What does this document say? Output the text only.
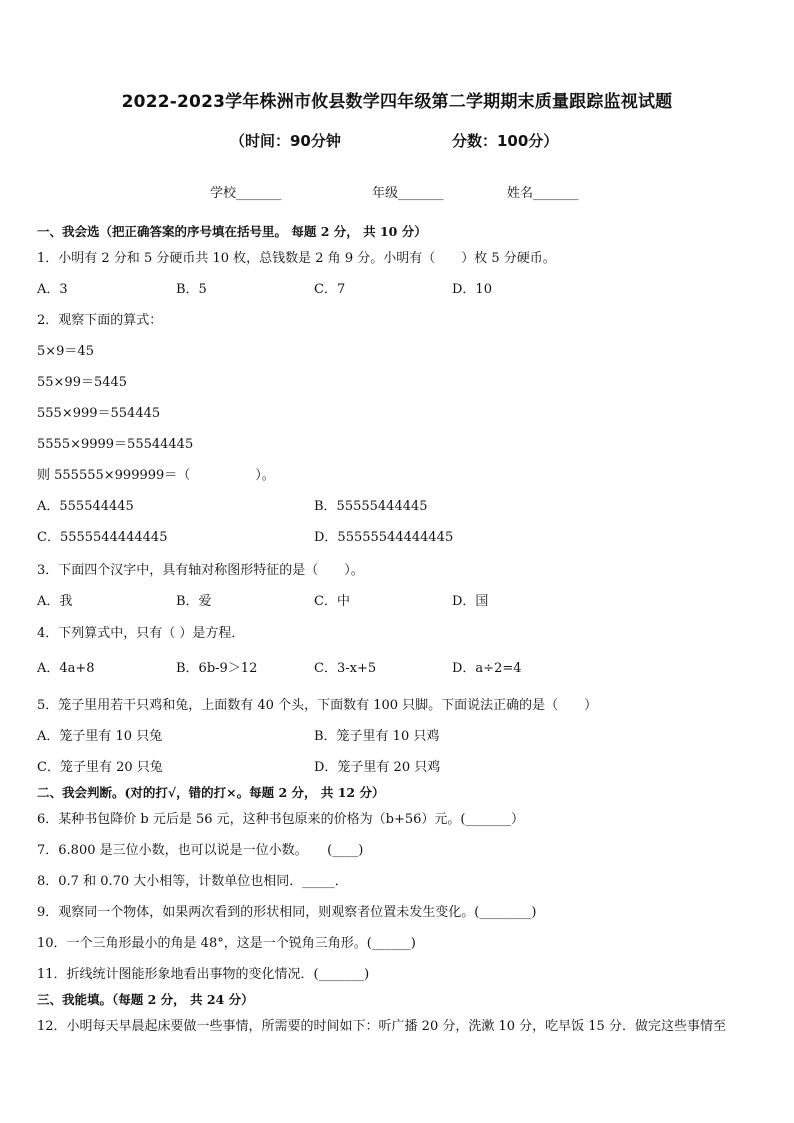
2022-2023学年株洲市攸县数学四年级第二学期期末质量跟踪监视试题
（时间：90分钟	分数：100分）
学校_______	年级_______	姓名_______
一、我会选（把正确答案的序号填在括号里。 每题 2 分， 共 10 分）
1．小明有 2 分和 5 分硬币共 10 枚，总钱数是 2 角 9 分。小明有（　　）枚 5 分硬币。
A．3	B．5	C．7	D．10
2．观察下面的算式：
5×9＝45
55×99＝5445
555×999＝554445
5555×9999＝55544445
则 555555×999999＝（　　　　　）。
A．555544445	B．55555444445
C．5555544444445	D．55555544444445
3．下面四个汉字中，具有轴对称图形特征的是（　　）。
A．我	B．爱	C．中	D．国
4．下列算式中，只有（ ）是方程．
A．4a+8	B．6b-9＞12	C．3-x+5	D．a÷2=4
5．笼子里用若干只鸡和兔，上面数有 40 个头，下面数有 100 只脚。下面说法正确的是（　　）
A．笼子里有 10 只兔	B．笼子里有 10 只鸡
C．笼子里有 20 只兔	D．笼子里有 20 只鸡
二、我会判断。(对的打√，错的打×。每题 2 分， 共 12 分）
6．某种书包降价 b 元后是 56 元，这种书包原来的价格为（b+56）元。(_______）
7．6.800 是三位小数，也可以说是一位小数。　　(____)
8．0.7 和 0.70 大小相等，计数单位也相同．_____．
9．观察同一个物体，如果两次看到的形状相同，则观察者位置未发生变化。(________)
10．一个三角形最小的角是 48°，这是一个锐角三角形。(______)
11．折线统计图能形象地看出事物的变化情况．(_______)
三、我能填。（每题 2 分， 共 24 分）
12．小明每天早晨起床要做一些事情，所需要的时间如下：听广播 20 分，洗漱 10 分，吃早饭 15 分．做完这些事情至
